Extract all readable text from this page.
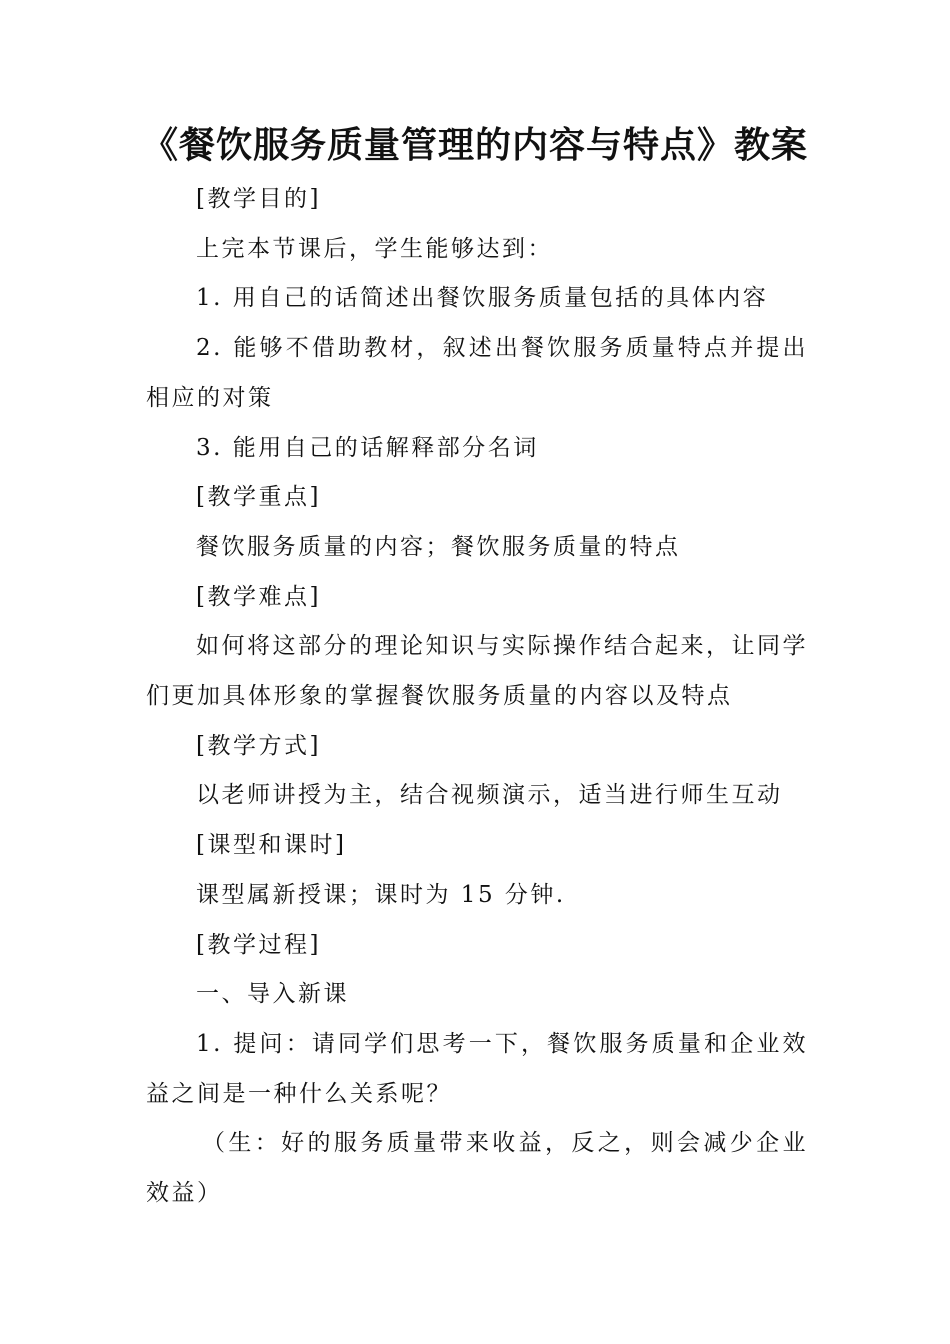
《餐饮服务质量管理的内容与特点》教案

[教学目的]

上完本节课后，学生能够达到：

1. 用自己的话简述出餐饮服务质量包括的具体内容

2. 能够不借助教材，叙述出餐饮服务质量特点并提出相应的对策

3. 能用自己的话解释部分名词

[教学重点]

餐饮服务质量的内容；餐饮服务质量的特点

[教学难点]

如何将这部分的理论知识与实际操作结合起来，让同学们更加具体形象的掌握餐饮服务质量的内容以及特点

[教学方式]

以老师讲授为主，结合视频演示，适当进行师生互动

[课型和课时]

课型属新授课；课时为 15 分钟.

[教学过程]

一、导入新课

1. 提问：请同学们思考一下，餐饮服务质量和企业效益之间是一种什么关系呢？

（生：好的服务质量带来收益，反之，则会减少企业效益）
